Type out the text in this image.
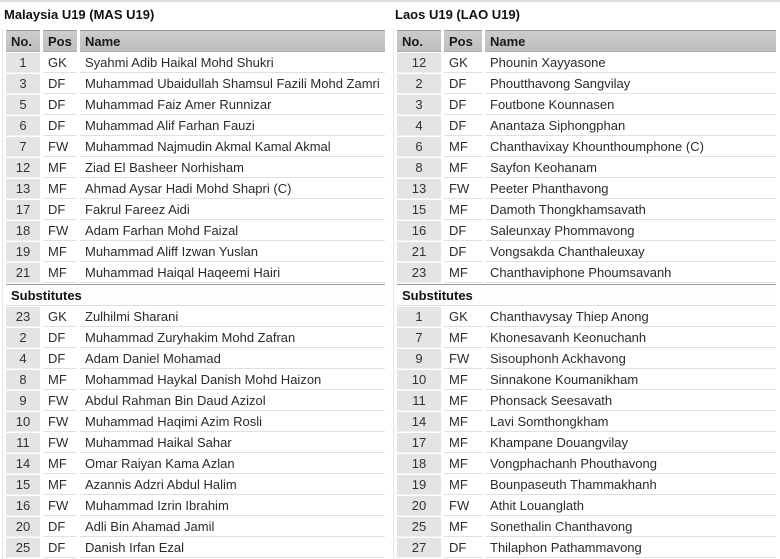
Malaysia U19 (MAS U19)
No.	Pos	Name
1	GK	Syahmi Adib Haikal Mohd Shukri
3	DF	Muhammad Ubaidullah Shamsul Fazili Mohd Zamri
5	DF	Muhammad Faiz Amer Runnizar
6	DF	Muhammad Alif Farhan Fauzi
7	FW	Muhammad Najmudin Akmal Kamal Akmal
12	MF	Ziad El Basheer Norhisham
13	MF	Ahmad Aysar Hadi Mohd Shapri (C)
17	DF	Fakrul Fareez Aidi
18	FW	Adam Farhan Mohd Faizal
19	MF	Muhammad Aliff Izwan Yuslan
21	MF	Muhammad Haiqal Haqeemi Hairi
Substitutes		
23	GK	Zulhilmi Sharani
2	DF	Muhammad Zuryhakim Mohd Zafran
4	DF	Adam Daniel Mohamad
8	MF	Mohammad Haykal Danish Mohd Haizon
9	FW	Abdul Rahman Bin Daud Azizol
10	FW	Muhammad Haqimi Azim Rosli
11	FW	Muhammad Haikal Sahar
14	MF	Omar Raiyan Kama Azlan
15	MF	Azannis Adzri Abdul Halim
16	FW	Muhammad Izrin Ibrahim
20	DF	Adli Bin Ahamad Jamil
25	DF	Danish Irfan Ezal
Laos U19 (LAO U19)
No.	Pos	Name
12	GK	Phounin Xayyasone
2	DF	Phoutthavong Sangvilay
3	DF	Foutbone Kounnasen
4	DF	Anantaza Siphongphan
6	MF	Chanthavixay Khounthoumphone (C)
8	MF	Sayfon Keohanam
13	FW	Peeter Phanthavong
15	MF	Damoth Thongkhamsavath
16	DF	Saleunxay Phommavong
21	DF	Vongsakda Chanthaleuxay
23	MF	Chanthaviphone Phoumsavanh
Substitutes		
1	GK	Chanthavysay Thiep Anong
7	MF	Khonesavanh Keonuchanh
9	FW	Sisouphonh Ackhavong
10	MF	Sinnakone Koumanikham
11	MF	Phonsack Seesavath
14	MF	Lavi Somthongkham
17	MF	Khampane Douangvilay
18	MF	Vongphachanh Phouthavong
19	MF	Bounpaseuth Thammakhanh
20	FW	Athit Louanglath
25	MF	Sonethalin Chanthavong
27	DF	Thilaphon Pathammavong
